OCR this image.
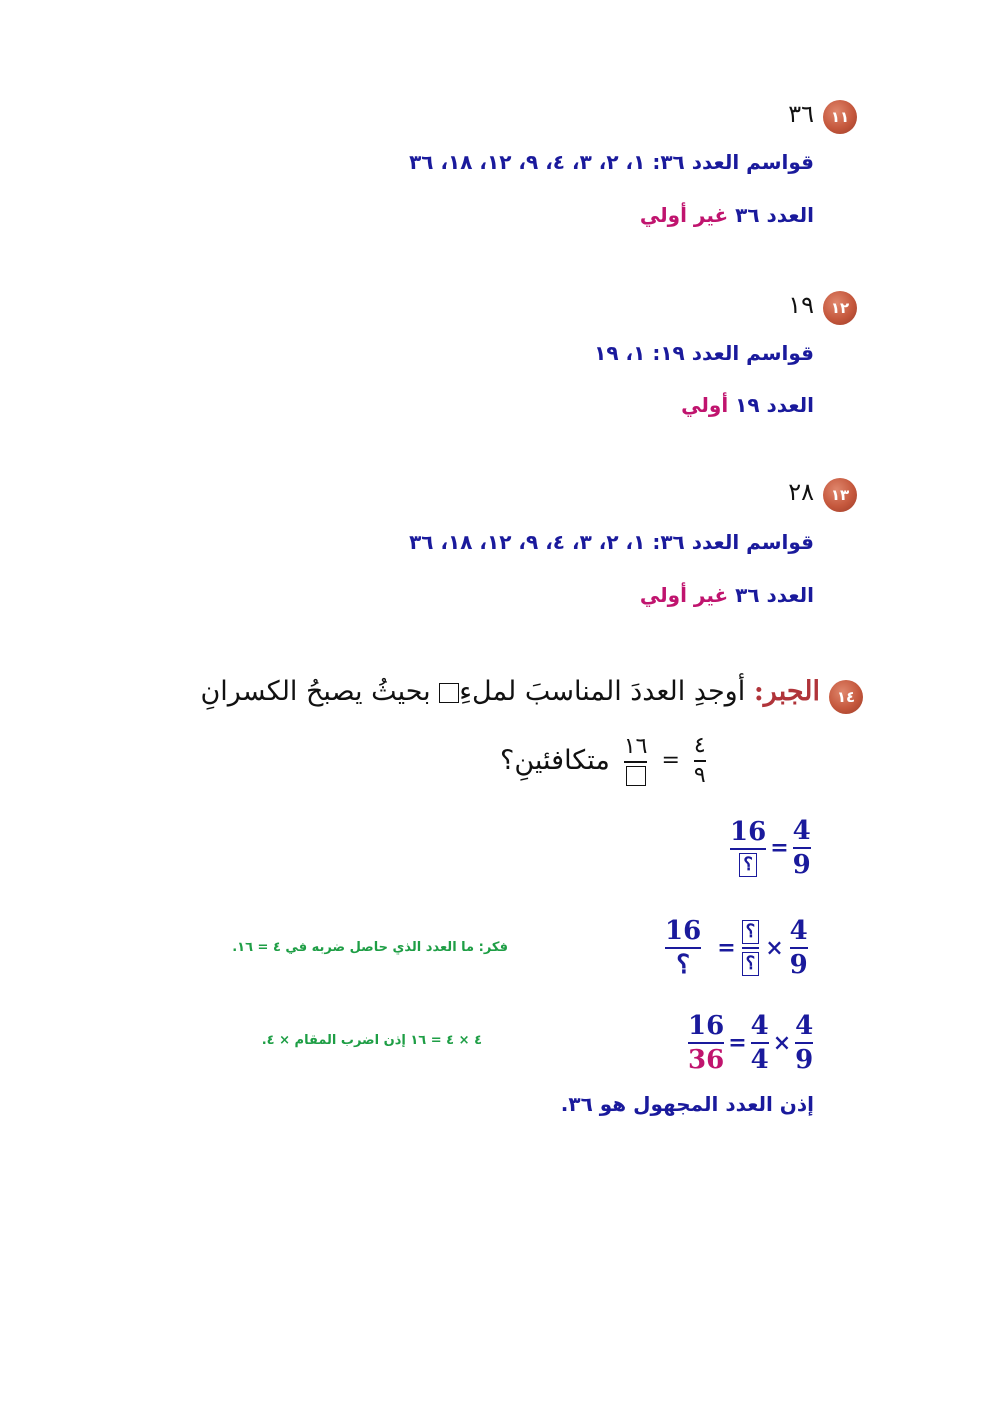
١١
٣٦
قواسم العدد ٣٦: ١، ٢، ٣، ٤، ٩، ١٢، ١٨، ٣٦
العدد ٣٦ غير أولي
١٢
١٩
قواسم العدد ١٩: ١، ١٩
العدد ١٩ أولي
١٣
٢٨
قواسم العدد ٣٦: ١، ٢، ٣، ٤، ٩، ١٢، ١٨، ٣٦
العدد ٣٦ غير أولي
١٤
الجبر: أوجدِ العددَ المناسبَ لملءِ بحيثُ يصبحُ الكسرانِ
متكافئينِ؟ ١٦
= $\frac{٤}{٩}$
$\frac{16}{؟} = \frac{4}{9}$
$\frac{16}{؟} = \frac{؟}{؟} \times \frac{4}{9}$
فكر: ما العدد الذي حاصل ضربه في ٤ = ١٦.
$\frac{16}{36} = \frac{4}{4} \times \frac{4}{9}$
٤ × ٤ = ١٦ إذن اضرب المقام × ٤.
إذن العدد المجهول هو ٣٦.
